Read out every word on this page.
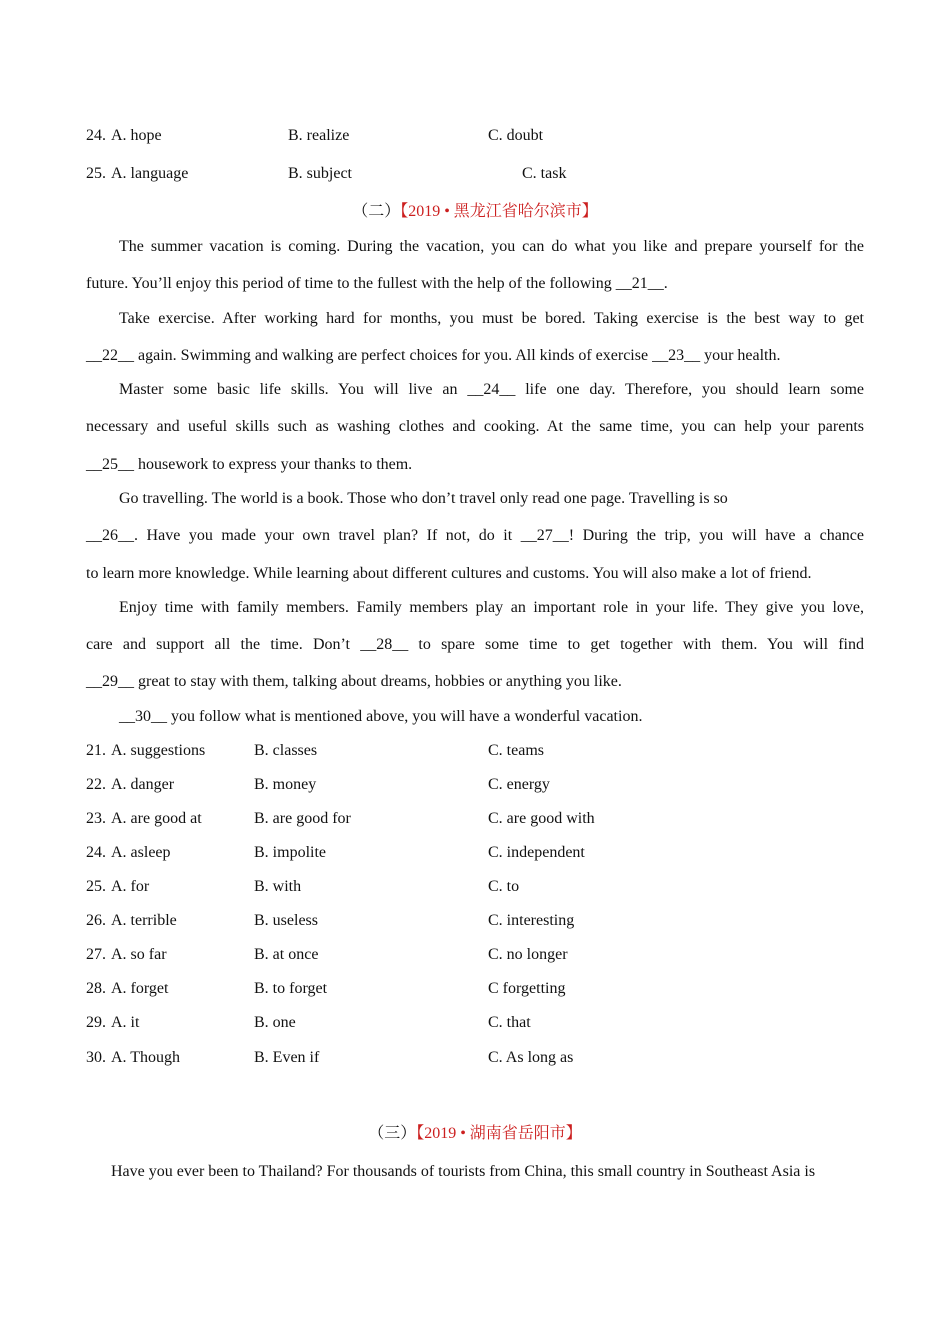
24. A. hope	B. realize	C. doubt
25. A. language	B. subject	C. task
（二）【2019 • 黑龙江省哈尔滨市】
The summer vacation is coming. During the vacation, you can do what you like and prepare yourself for the
future. You’ll enjoy this period of time to the fullest with the help of the following __21__.
Take exercise. After working hard for months, you must be bored. Taking exercise is the best way to get
__22__ again. Swimming and walking are perfect choices for you. All kinds of exercise __23__ your health.
Master some basic life skills. You will live an __24__ life one day. Therefore, you should learn some
necessary and useful skills such as washing clothes and cooking. At the same time, you can help your parents
__25__ housework to express your thanks to them.
Go travelling. The world is a book. Those who don’t travel only read one page. Travelling is so
__26__. Have you made your own travel plan? If not, do it __27__! During the trip, you will have a chance
to learn more knowledge. While learning about different cultures and customs. You will also make a lot of friend.
Enjoy time with family members. Family members play an important role in your life. They give you love,
care and support all the time. Don’t __28__ to spare some time to get together with them. You will find
__29__ great to stay with them, talking about dreams, hobbies or anything you like.
__30__ you follow what is mentioned above, you will have a wonderful vacation.
21. A. suggestions	B. classes	C. teams
22. A. danger	B. money	C. energy
23. A. are good at	B. are good for	C. are good with
24. A. asleep	B. impolite	C. independent
25. A. for	B. with	C. to
26. A. terrible	B. useless	C. interesting
27. A. so far	B. at once	C. no longer
28. A. forget	B. to forget	C forgetting
29. A. it	B. one	C. that
30. A. Though	B. Even if	C. As long as
（三）【2019 • 湖南省岳阳市】
Have you ever been to Thailand? For thousands of tourists from China, this small country in Southeast Asia is
